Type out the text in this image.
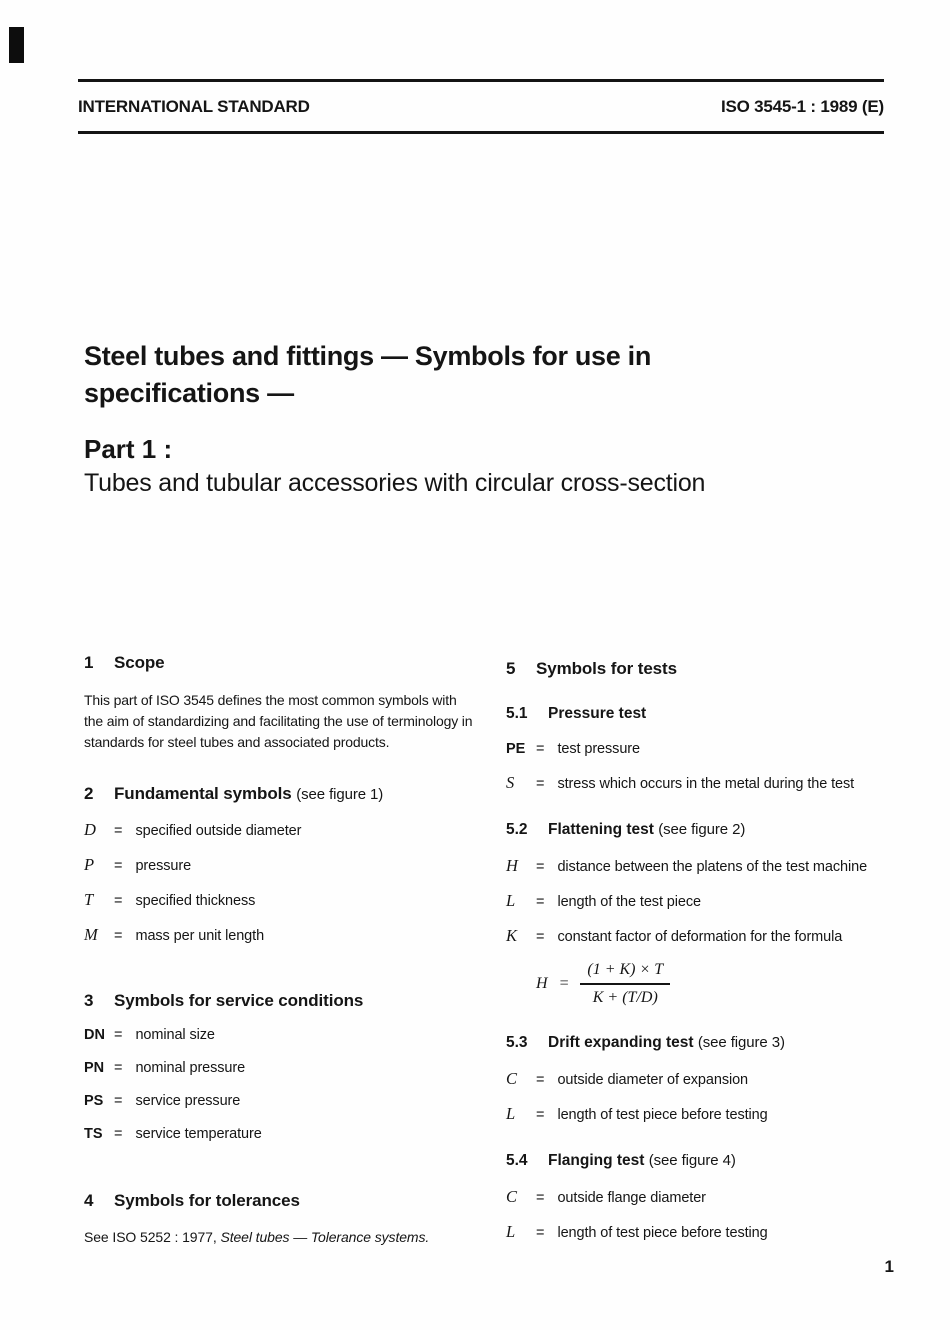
INTERNATIONAL STANDARD	ISO 3545-1 : 1989 (E)
Steel tubes and fittings — Symbols for use in
specifications —
Part 1 :
Tubes and tubular accessories with circular cross-section
1 Scope
This part of ISO 3545 defines the most common symbols with the aim of standardizing and facilitating the use of terminology in standards for steel tubes and associated products.
2 Fundamental symbols (see figure 1)
D	= specified outside diameter
P	= pressure
T	= specified thickness
M	= mass per unit length
3 Symbols for service conditions
DN = nominal size
PN = nominal pressure
PS = service pressure
TS = service temperature
4 Symbols for tolerances
See ISO 5252 : 1977, Steel tubes — Tolerance systems.
5 Symbols for tests
5.1 Pressure test
PE = test pressure
S	= stress which occurs in the metal during the test
5.2 Flattening test (see figure 2)
H	= distance between the platens of the test machine
L	= length of the test piece
K	= constant factor of deformation for the formula
$H = \frac{(1 + K) \times T}{K + (T/D)}$
5.3 Drift expanding test (see figure 3)
C	= outside diameter of expansion
L	= length of test piece before testing
5.4 Flanging test (see figure 4)
C	= outside flange diameter
L	= length of test piece before testing
1
